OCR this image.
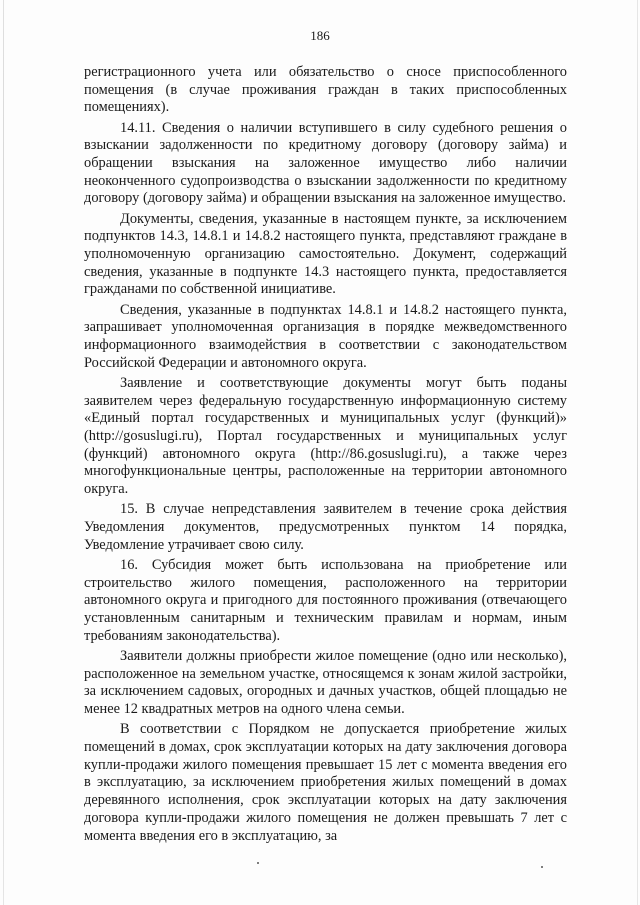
186

регистрационного учета или обязательство о сносе приспособленного помещения (в случае проживания граждан в таких приспособленных помещениях).

14.11. Сведения о наличии вступившего в силу судебного решения о взыскании задолженности по кредитному договору (договору займа) и обращении взыскания на заложенное имущество либо наличии неоконченного судопроизводства о взыскании задолженности по кредитному договору (договору займа) и обращении взыскания на заложенное имущество.

Документы, сведения, указанные в настоящем пункте, за исключением подпунктов 14.3, 14.8.1 и 14.8.2 настоящего пункта, представляют граждане в уполномоченную организацию самостоятельно. Документ, содержащий сведения, указанные в подпункте 14.3 настоящего пункта, предоставляется гражданами по собственной инициативе.

Сведения, указанные в подпунктах 14.8.1 и 14.8.2 настоящего пункта, запрашивает уполномоченная организация в порядке межведомственного информационного взаимодействия в соответствии с законодательством Российской Федерации и автономного округа.

Заявление и соответствующие документы могут быть поданы заявителем через федеральную государственную информационную систему «Единый портал государственных и муниципальных услуг (функций)» (http://gosuslugi.ru), Портал государственных и муниципальных услуг (функций) автономного округа (http://86.gosuslugi.ru), а также через многофункциональные центры, расположенные на территории автономного округа.

15. В случае непредставления заявителем в течение срока действия Уведомления документов, предусмотренных пунктом 14 порядка, Уведомление утрачивает свою силу.

16. Субсидия может быть использована на приобретение или строительство жилого помещения, расположенного на территории автономного округа и пригодного для постоянного проживания (отвечающего установленным санитарным и техническим правилам и нормам, иным требованиям законодательства).

Заявители должны приобрести жилое помещение (одно или несколько), расположенное на земельном участке, относящемся к зонам жилой застройки, за исключением садовых, огородных и дачных участков, общей площадью не менее 12 квадратных метров на одного члена семьи.

В соответствии с Порядком не допускается приобретение жилых помещений в домах, срок эксплуатации которых на дату заключения договора купли-продажи жилого помещения превышает 15 лет с момента введения его в эксплуатацию, за исключением приобретения жилых помещений в домах деревянного исполнения, срок эксплуатации которых на дату заключения договора купли-продажи жилого помещения не должен превышать 7 лет с момента введения его в эксплуатацию, за
